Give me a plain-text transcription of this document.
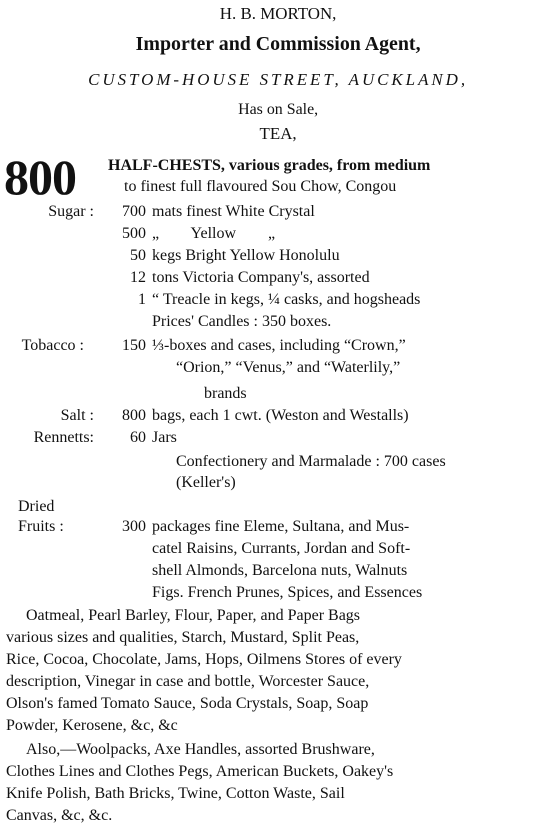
H. B. MORTON,
Importer and Commission Agent,
CUSTOM-HOUSE STREET, AUCKLAND,
Has on Sale,
TEA,
800 HALF-CHESTS, various grades, from medium
to finest full flavoured Sou Chow, Congou
Sugar :	700 mats finest White Crystal
500 „ Yellow „
50 kegs Bright Yellow Honolulu
12 tons Victoria Company's, assorted
1 “ Treacle in kegs, ¼ casks, and hogsheads
Prices' Candles : 350 boxes.
Tobacco :	150 ⅓-boxes and cases, including “Crown,”
“Orion,” “Venus,” and “Waterlily,”
brands
Salt :	800 bags, each 1 cwt. (Weston and Westalls)
Rennetts:	60 Jars
Confectionery and Marmalade : 700 cases
(Keller's)
Dried
Fruits :	300 packages fine Eleme, Sultana, and Mus-
catel Raisins, Currants, Jordan and Soft-
shell Almonds, Barcelona nuts, Walnuts
Figs. French Prunes, Spices, and Essences
Oatmeal, Pearl Barley, Flour, Paper, and Paper Bags
various sizes and qualities, Starch, Mustard, Split Peas,
Rice, Cocoa, Chocolate, Jams, Hops, Oilmens Stores of every
description, Vinegar in case and bottle, Worcester Sauce,
Olson's famed Tomato Sauce, Soda Crystals, Soap, Soap
Powder, Kerosene, &c, &c
Also,—Woolpacks, Axe Handles, assorted Brushware,
Clothes Lines and Clothes Pegs, American Buckets, Oakey's
Knife Polish, Bath Bricks, Twine, Cotton Waste, Sail
Canvas, &c, &c.
